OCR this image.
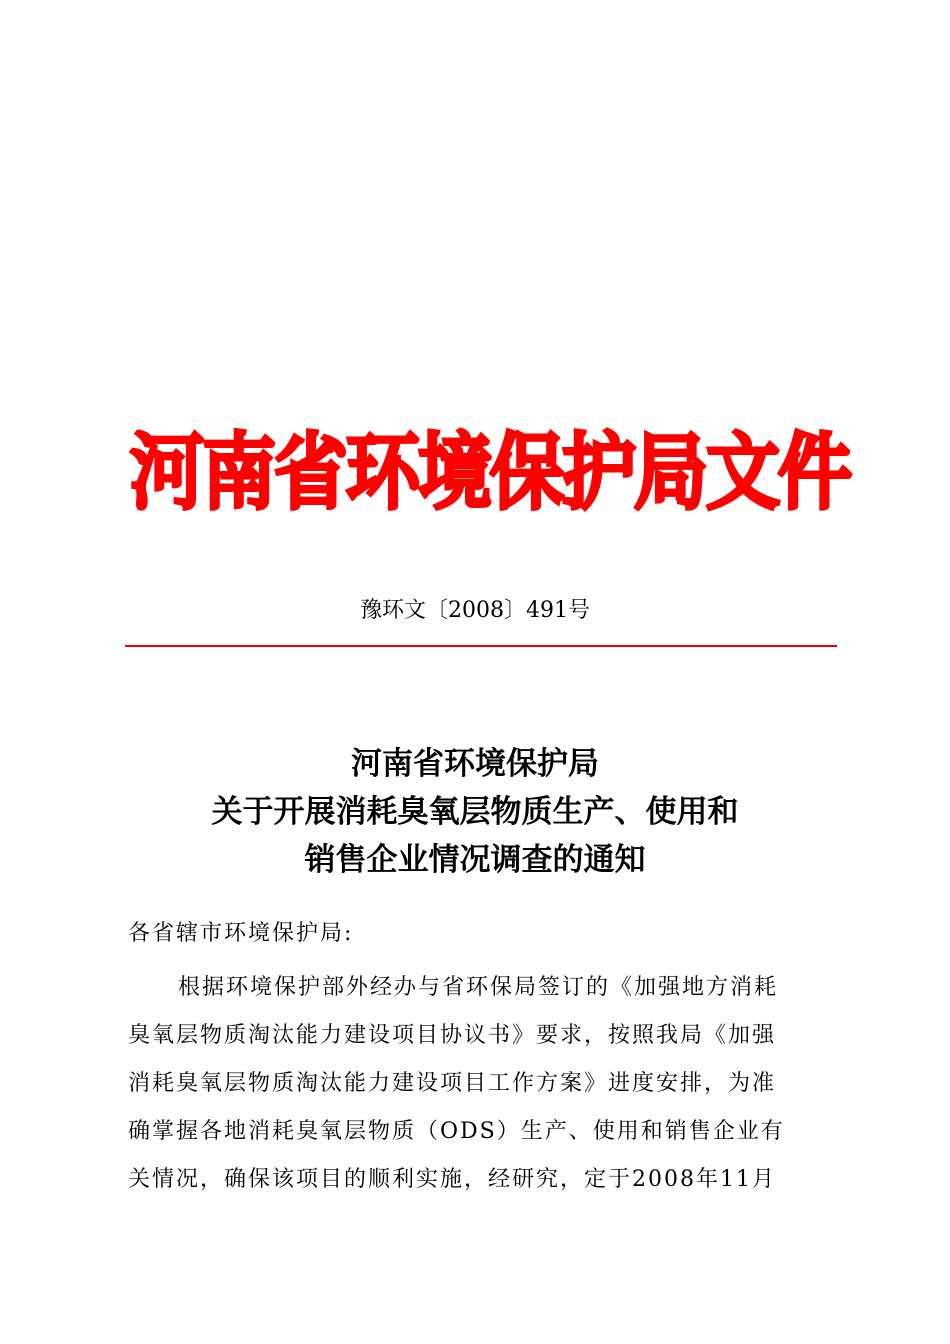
河南省环境保护局文件
豫环文〔2008〕491号
河南省环境保护局
关于开展消耗臭氧层物质生产、使用和
销售企业情况调查的通知
各省辖市环境保护局:
根据环境保护部外经办与省环保局签订的《加强地方消耗
臭氧层物质淘汰能力建设项目协议书》要求，按照我局《加强
消耗臭氧层物质淘汰能力建设项目工作方案》进度安排，为准
确掌握各地消耗臭氧层物质（ODS）生产、使用和销售企业有
关情况，确保该项目的顺利实施，经研究，定于2008年11月
